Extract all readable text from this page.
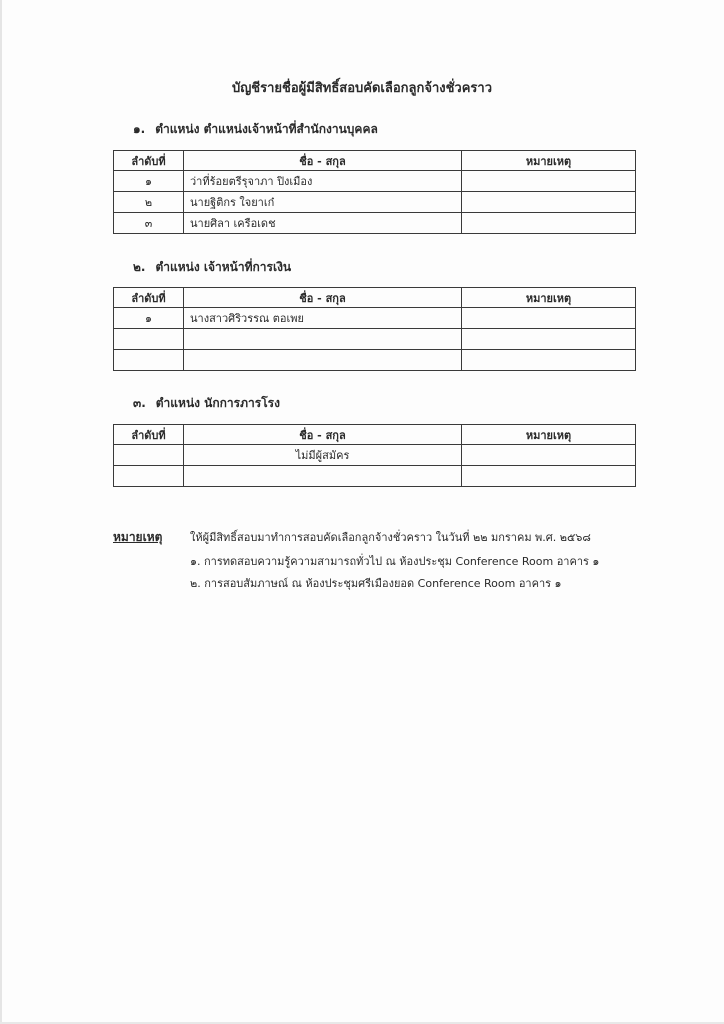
บัญชีรายชื่อผู้มีสิทธิ์สอบคัดเลือกลูกจ้างชั่วคราว
๑. ตำแหน่ง ตำแหน่งเจ้าหน้าที่สำนักงานบุคคล
ลำดับที่	ชื่อ - สกุล	หมายเหตุ
๑	ว่าที่ร้อยตรีรุจาภา ปิงเมือง	
๒	นายฐิติกร ใจยาเก๋	
๓	นายศิลา เครือเดช	
๒. ตำแหน่ง เจ้าหน้าที่การเงิน
ลำดับที่	ชื่อ - สกุล	หมายเหตุ
๑	นางสาวศิริวรรณ ตอเพย	

๓. ตำแหน่ง นักการภารโรง
ลำดับที่	ชื่อ - สกุล	หมายเหตุ
	ไม่มีผู้สมัคร	

หมายเหตุ	ให้ผู้มีสิทธิ์สอบมาทำการสอบคัดเลือกลูกจ้างชั่วคราว ในวันที่ ๒๒ มกราคม พ.ศ. ๒๕๖๘
๑. การทดสอบความรู้ความสามารถทั่วไป ณ ห้องประชุม Conference Room อาคาร ๑
๒. การสอบสัมภาษณ์ ณ ห้องประชุมศรีเมืองยอด Conference Room อาคาร ๑
